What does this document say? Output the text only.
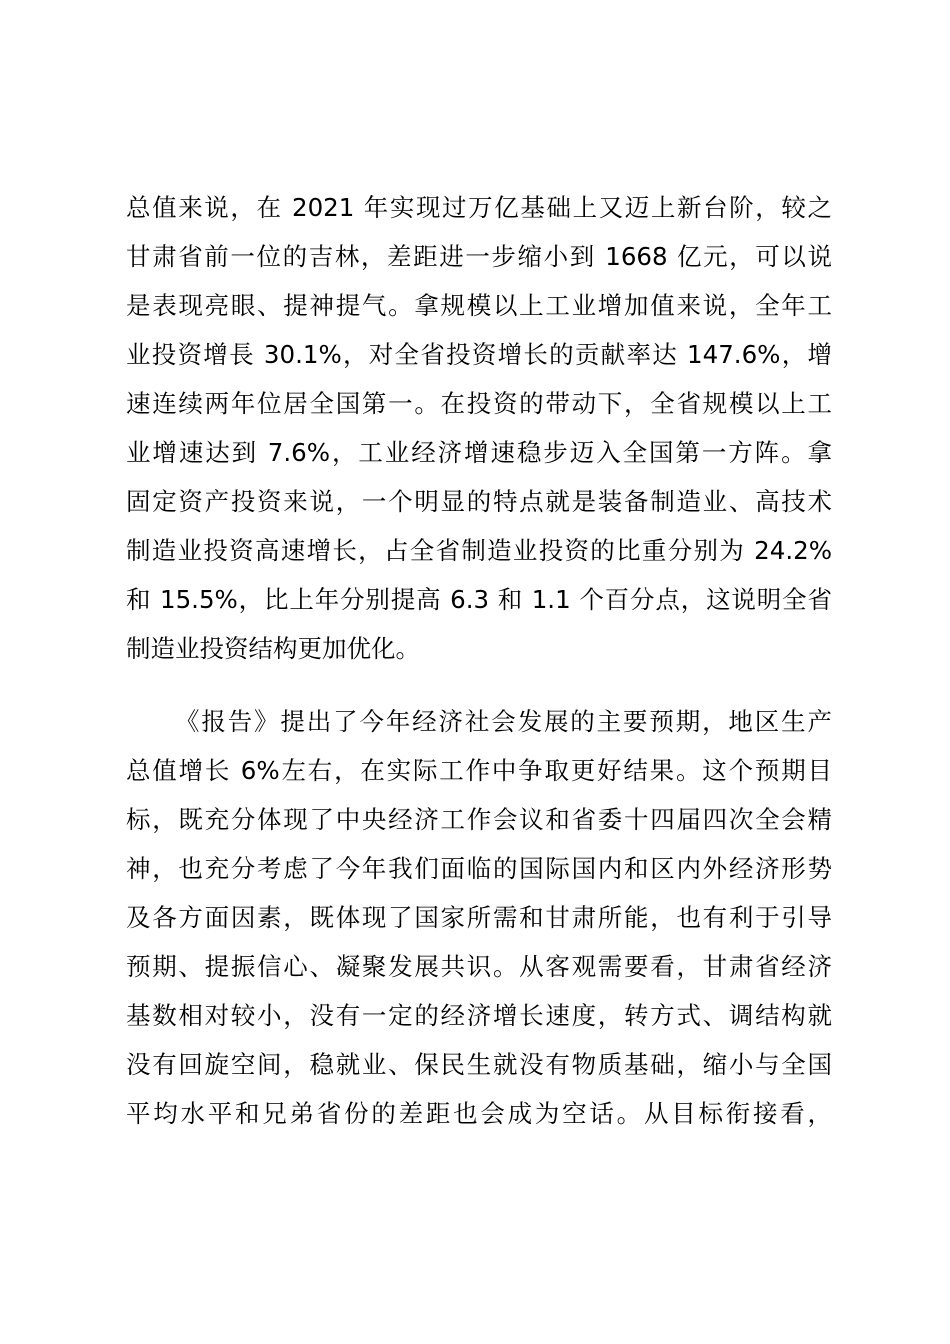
总值来说，在 2021 年实现过万亿基础上又迈上新台阶，较之
甘肃省前一位的吉林，差距进一步缩小到 1668 亿元，可以说
是表现亮眼、提神提气。拿规模以上工业增加值来说，全年工
业投资增長 30.1%，对全省投资增长的贡献率达 147.6%，增
速连续两年位居全国第一。在投资的带动下，全省规模以上工
业增速达到 7.6%，工业经济增速稳步迈入全国第一方阵。拿
固定资产投资来说，一个明显的特点就是装备制造业、高技术
制造业投资高速增长，占全省制造业投资的比重分别为 24.2%
和 15.5%，比上年分别提高 6.3 和 1.1 个百分点，这说明全省
制造业投资结构更加优化。
《报告》提出了今年经济社会发展的主要预期，地区生产
总值增长 6%左右，在实际工作中争取更好结果。这个预期目
标，既充分体现了中央经济工作会议和省委十四届四次全会精
神，也充分考虑了今年我们面临的国际国内和区内外经济形势
及各方面因素，既体现了国家所需和甘肃所能，也有利于引导
预期、提振信心、凝聚发展共识。从客观需要看，甘肃省经济
基数相对较小，没有一定的经济增长速度，转方式、调结构就
没有回旋空间，稳就业、保民生就没有物质基础，缩小与全国
平均水平和兄弟省份的差距也会成为空话。从目标衔接看，
